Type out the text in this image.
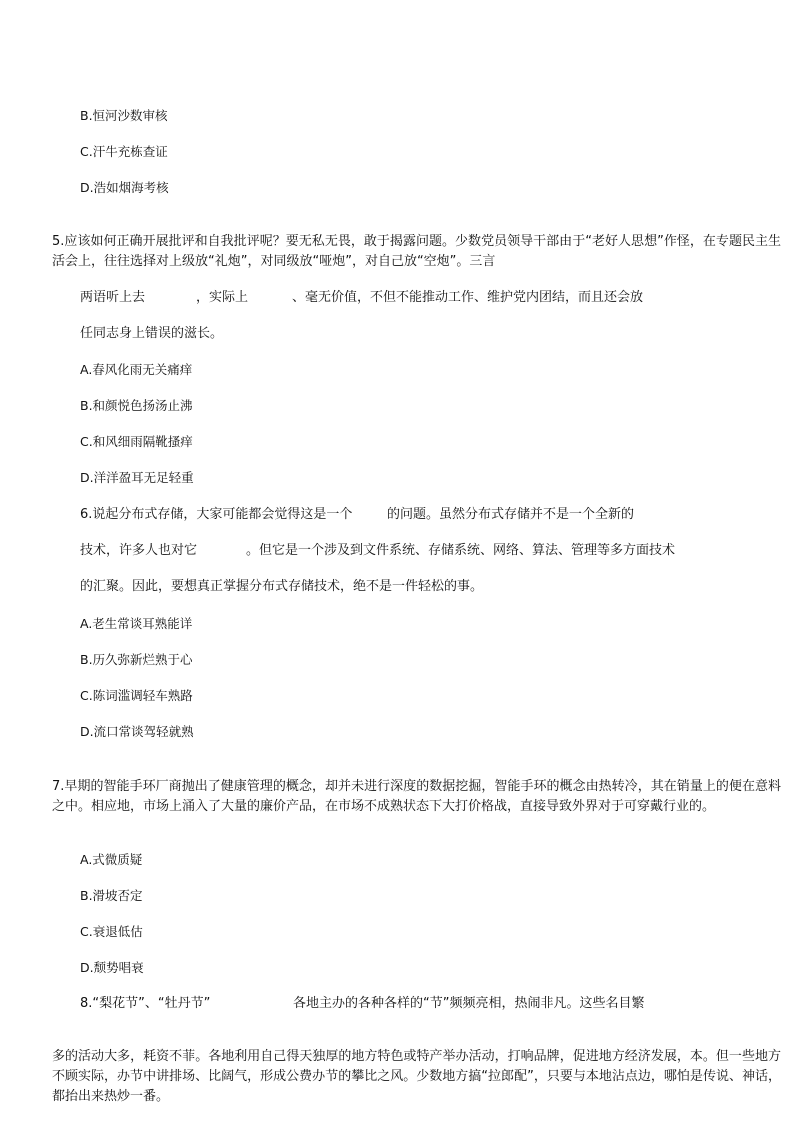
B.恒河沙数审核
C.汗牛充栋查证
D.浩如烟海考核

5.应该如何正确开展批评和自我批评呢？要无私无畏，敢于揭露问题。少数党员领导干部由于“老好人思想”作怪，在专题民主生活会上，往往选择对上级放“礼炮”，对同级放“哑炮”，对自己放“空炮”。三言

两语听上去	，实际上	、毫无价值，不但不能推动工作、维护党内团结，而且还会放
任同志身上错误的滋长。
A.春风化雨无关痛痒
B.和颜悦色扬汤止沸
C.和风细雨隔靴搔痒
D.洋洋盈耳无足轻重
6.说起分布式存储，大家可能都会觉得这是一个	的问题。虽然分布式存储并不是一个全新的
技术，许多人也对它	。但它是一个涉及到文件系统、存储系统、网络、算法、管理等多方面技术
的汇聚。因此，要想真正掌握分布式存储技术，绝不是一件轻松的事。
A.老生常谈耳熟能详
B.历久弥新烂熟于心
C.陈词滥调轻车熟路
D.流口常谈驾轻就熟

7.早期的智能手环厂商抛出了健康管理的概念，却并未进行深度的数据挖掘，智能手环的概念由热转冷，其在销量上的便在意料之中。相应地，市场上涌入了大量的廉价产品，在市场不成熟状态下大打价格战，直接导致外界对于可穿戴行业的。

A.式微质疑
B.滑坡否定
C.衰退低估
D.颓势唱衰
8.“梨花节”、“牡丹节”	各地主办的各种各样的“节”频频亮相，热闹非凡。这些名目繁

多的活动大多，耗资不菲。各地利用自己得天独厚的地方特色或特产举办活动，打响品牌，促进地方经济发展，本。但一些地方不顾实际，办节中讲排场、比阔气，形成公费办节的攀比之风。少数地方搞“拉郎配”，只要与本地沾点边，哪怕是传说、神话，都抬出来热炒一番。
